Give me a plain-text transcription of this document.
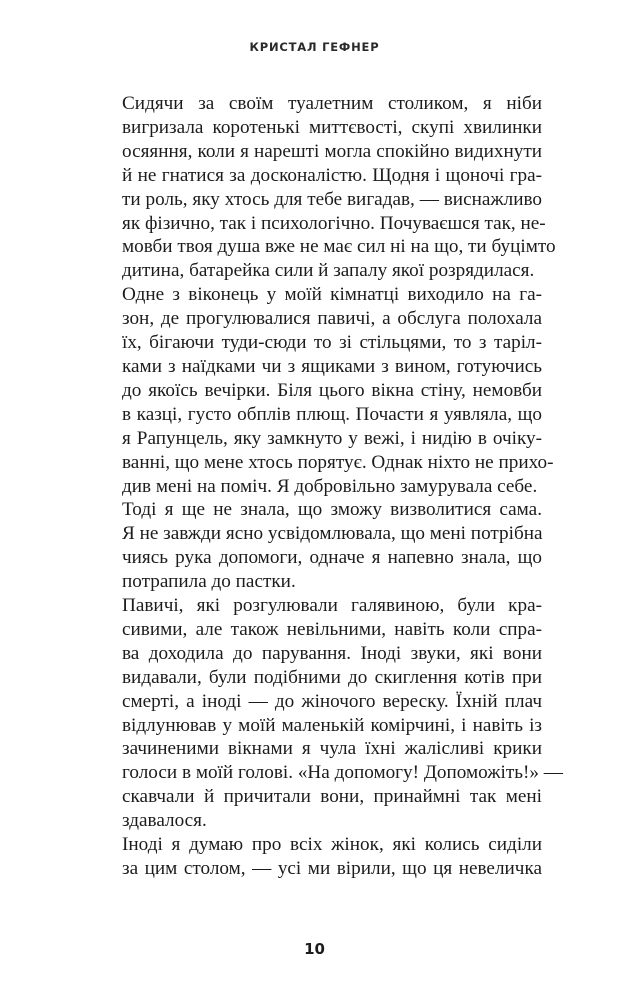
КРИСТАЛ ГЕФНЕР

Сидячи за своїм туалетним столиком, я ніби
вигризала коротенькі миттєвості, скупі хвилинки
осяяння, коли я нарешті могла спокійно видихнути
й не гнатися за досконалістю. Щодня і щоночі гра-
ти роль, яку хтось для тебе вигадав, — виснажливо
як фізично, так і психологічно. Почуваєшся так, не-
мовби твоя душа вже не має сил ні на що, ти буцімто
дитина, батарейка сили й запалу якої розрядилася.

Одне з віконець у моїй кімнатці виходило на га-
зон, де прогулювалися павичі, а обслуга полохала
їх, бігаючи туди-сюди то зі стільцями, то з таріл-
ками з наїдками чи з ящиками з вином, готуючись
до якоїсь вечірки. Біля цього вікна стіну, немовби
в казці, густо обплів плющ. Почасти я уявляла, що
я Рапунцель, яку замкнуто у вежі, і нидію в очіку-
ванні, що мене хтось порятує. Однак ніхто не прихо-
див мені на поміч. Я добровільно замурувала себе.

Тоді я ще не знала, що зможу визволитися сама.
Я не завжди ясно усвідомлювала, що мені потрібна
чиясь рука допомоги, одначе я напевно знала, що
потрапила до пастки.

Павичі, які розгулювали галявиною, були кра-
сивими, але також невільними, навіть коли спра-
ва доходила до парування. Іноді звуки, які вони
видавали, були подібними до скиглення котів при
смерті, а іноді — до жіночого вереску. Їхній плач
відлунював у моїй маленькій комірчині, і навіть із
зачиненими вікнами я чула їхні жалісливі крики
голоси в моїй голові. «На допомогу! Допоможіть!» —
скавчали й причитали вони, принаймні так мені
здавалося.

Іноді я думаю про всіх жінок, які колись сиділи
за цим столом, — усі ми вірили, що ця невеличка

10
